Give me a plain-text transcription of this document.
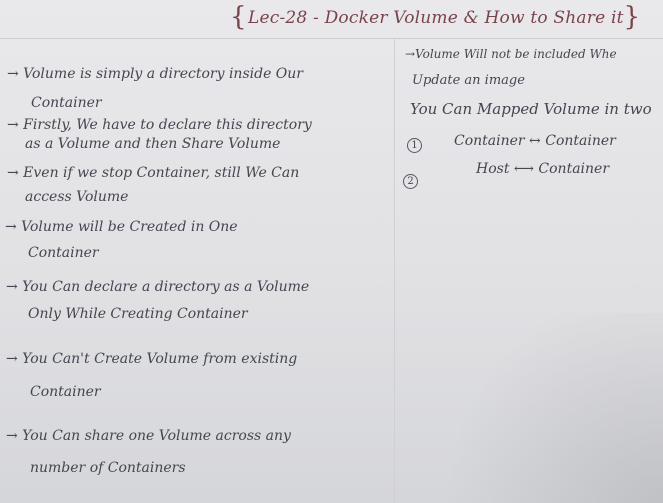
{ Lec-28 - Docker Volume & How to Share it }
→ Volume is simply a directory inside Our
Container
→ Firstly, We have to declare this directory
as a Volume and then Share Volume
→ Even if we stop Container, still We Can
access Volume
→ Volume will be Created in One
Container
→ You Can declare a directory as a Volume
Only While Creating Container
→ You Can't Create Volume from existing
Container
→ You Can share one Volume across any
number of Containers
→Volume Will not be included Whe
Update an image
You Can Mapped Volume in two
1	Container ↔ Container
2
Host ⟷ Container
